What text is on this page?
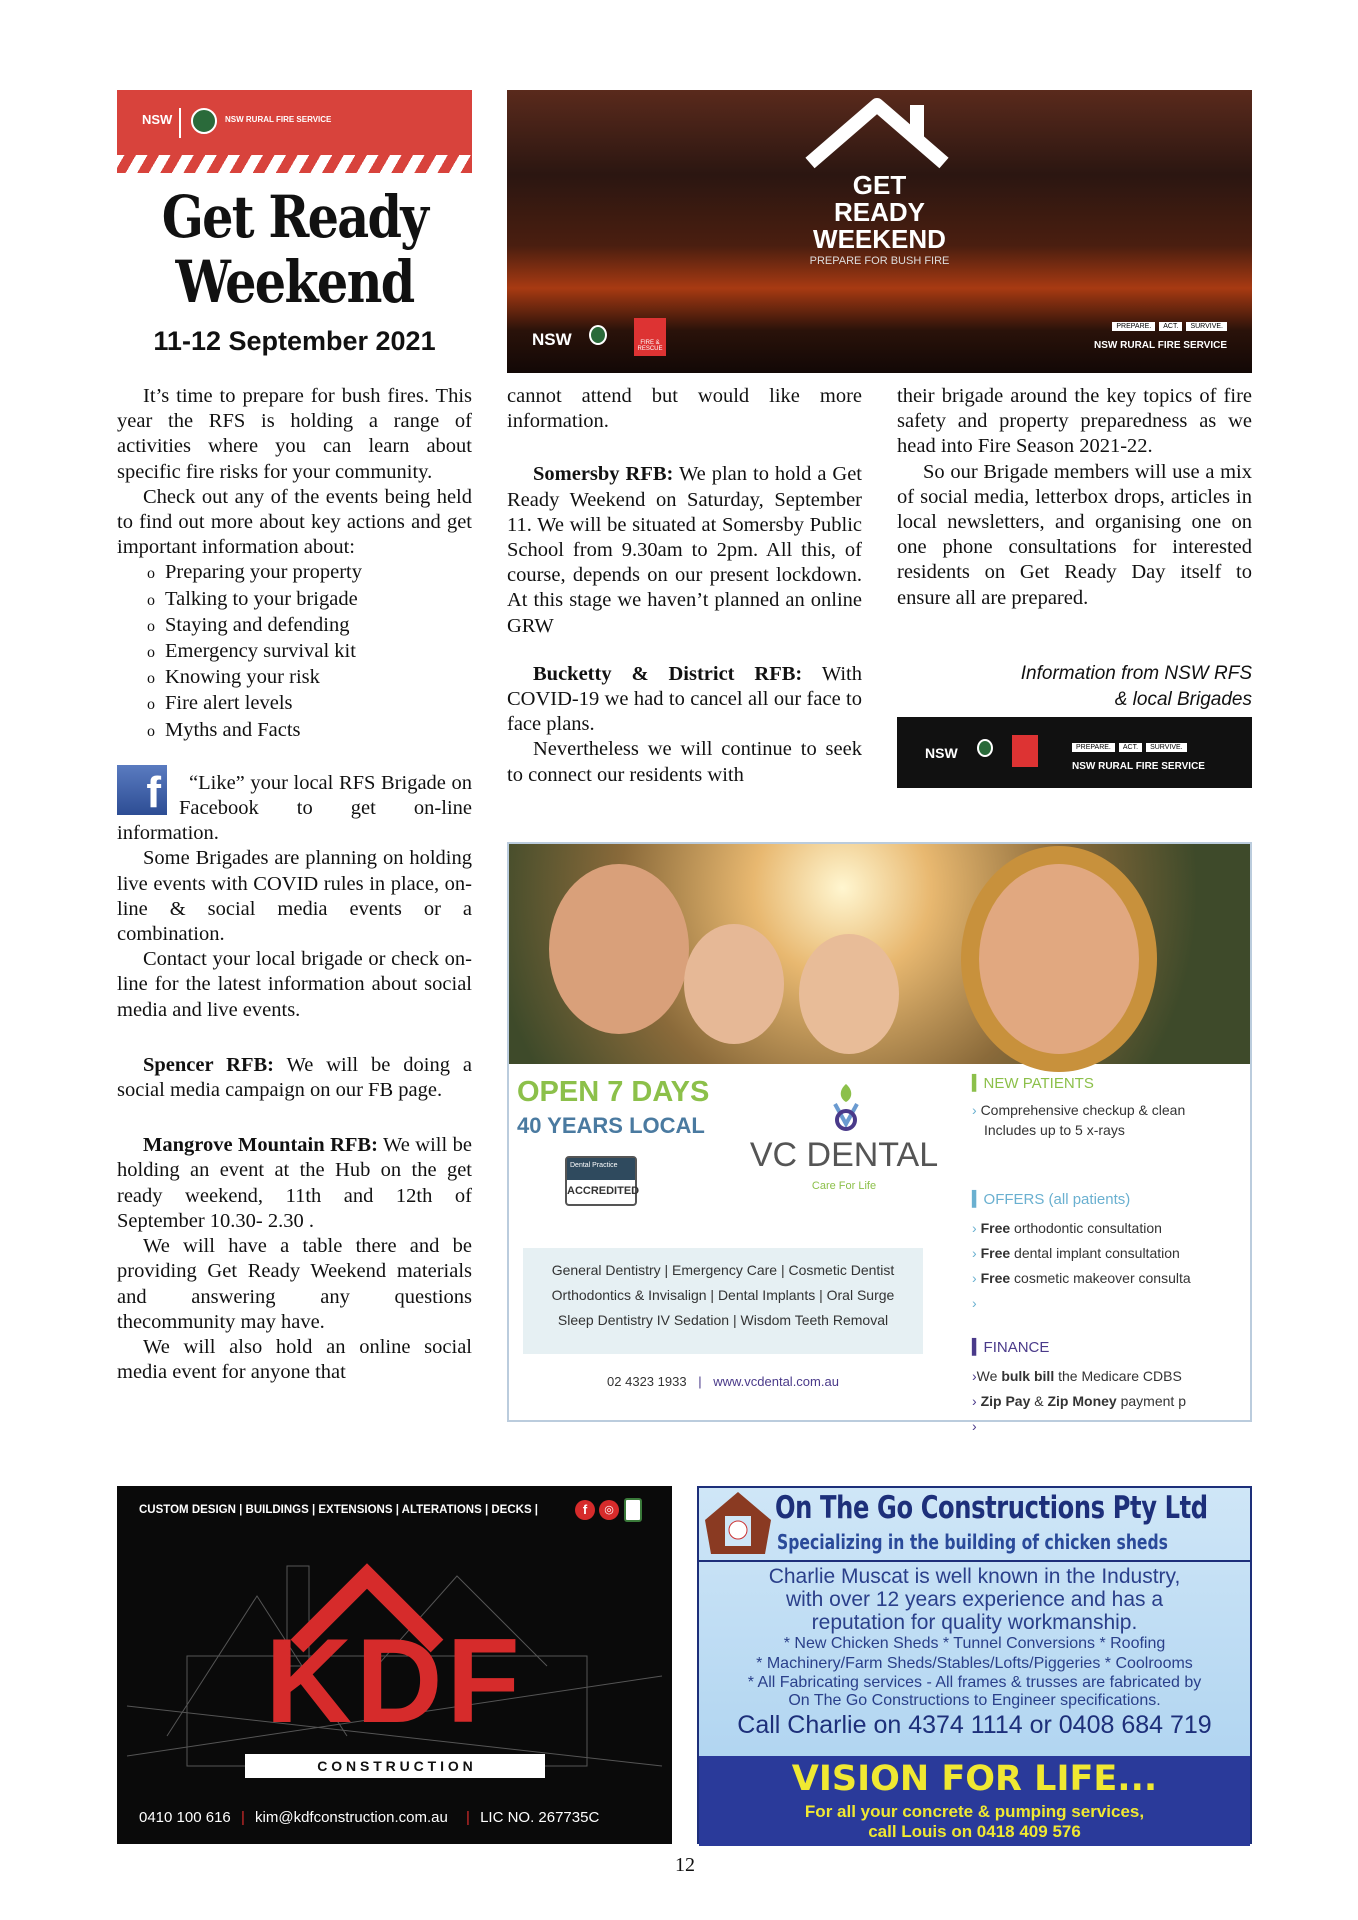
NSW	NSW RURAL FIRE SERVICE
Get Ready
Weekend
11-12 September 2021
GET
READY
WEEKEND
PREPARE FOR BUSH FIRE
NSW	FIRE & RESCUE
PREPARE.	ACT.	SURVIVE.
NSW RURAL FIRE SERVICE

It’s time to prepare for bush fires. This year the RFS is holding a range of activities where you can learn about specific fire risks for your community.

Check out any of the events being held to find out more about key actions and get important information about:

o Preparing your property
o Talking to your brigade
o Staying and defending
o Emergency survival kit
o Knowing your risk
o Fire alert levels
o Myths and Facts
f	“Like” your local RFS Brigade on Facebook to get on-line information.

Some Brigades are planning on holding live events with COVID rules in place, on-line & social media events or a combination.

Contact your local brigade or check on-line for the latest information about social media and live events.

Spencer RFB: We will be doing a social media campaign on our FB page.

Mangrove Mountain RFB: We will be holding an event at the Hub on the get ready weekend, 11th and 12th of September 10.30- 2.30 .

We will have a table there and be providing Get Ready Weekend materials and answering any questions thecommunity may have.

We will also hold an online social media event for anyone that

cannot attend but would like more information.

Somersby RFB: We plan to hold a Get Ready Weekend on Saturday, September 11. We will be situated at Somersby Public School from 9.30am to 2pm. All this, of course, depends on our present lockdown. At this stage we haven’t planned an online GRW

Bucketty & District RFB: With COVID-19 we had to cancel all our face to face plans.

Nevertheless we will continue to seek to connect our residents with

their brigade around the key topics of fire safety and property preparedness as we head into Fire Season 2021-22.

So our Brigade members will use a mix of social media, letterbox drops, articles in local newsletters, and organising one on one phone consultations for interested residents on Get Ready Day itself to ensure all are prepared.

Information from NSW RFS
& local Brigades
NSW	PREPARE.	ACT.	SURVIVE.
NSW RURAL FIRE SERVICE
OPEN 7 DAYS
40 YEARS LOCAL
Dental Practice
ACCREDITED
VC DENTAL
Care For Life
General Dentistry | Emergency Care | Cosmetic Dentist
Orthodontics & Invisalign | Dental Implants | Oral Surge
Sleep Dentistry IV Sedation | Wisdom Teeth Removal
02 4323 1933 | www.vcdental.com.au
▍NEW PATIENTS
› Comprehensive checkup & clean
Includes up to 5 x-rays
▍OFFERS (all patients)
› Free orthodontic consultation
› Free dental implant consultation
› Free cosmetic makeover consulta
›
▍FINANCE
›We bulk bill the Medicare CDBS
› Zip Pay & Zip Money payment p
›
CUSTOM DESIGN | BUILDINGS | EXTENSIONS | ALTERATIONS | DECKS |	f	◎
KDF
C O N S T R U C T I O N
0410 100 616 | kim@kdfconstruction.com.au | LIC NO. 267735C
On The Go Constructions Pty Ltd
Specializing in the building of chicken sheds
Charlie Muscat is well known in the Industry,
with over 12 years experience and has a
reputation for quality workmanship.
* New Chicken Sheds * Tunnel Conversions * Roofing
* Machinery/Farm Sheds/Stables/Lofts/Piggeries * Coolrooms
* All Fabricating services - All frames & trusses are fabricated by
On The Go Constructions to Engineer specifications.
Call Charlie on 4374 1114 or 0408 684 719
VISION FOR LIFE...
For all your concrete & pumping services,
call Louis on 0418 409 576
12
